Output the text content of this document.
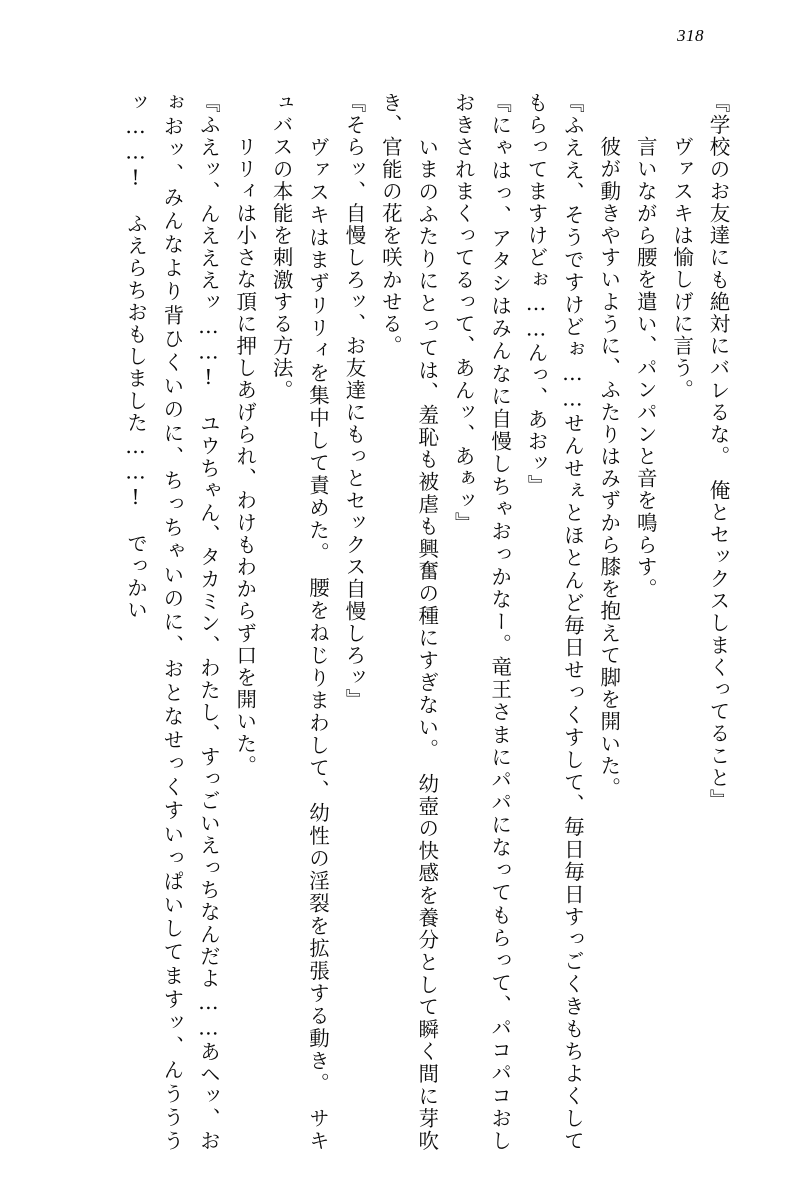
318

『学校のお友達にも絶対にバレるな。　俺とセックスしまくってること』

　ヴァスキは愉しげに言う。

　言いながら腰を遣い、パンパンと音を鳴らす。

　彼が動きやすいように、ふたりはみずから膝を抱えて脚を開いた。

『ふええ、そうですけどぉ……せんせぇとほとんど毎日せっくすして、毎日毎日すっごくきもちよくしてもらってますけどぉ……んっ、あおッ』

『にゃはっ、アタシはみんなに自慢しちゃおっかなー。竜王さまにパパになってもらって、パコパコおしおきされまくってるって、あんッ、あぁッ』

　いまのふたりにとっては、羞恥も被虐も興奮の種にすぎない。　幼壺の快感を養分として瞬く間に芽吹き、官能の花を咲かせる。

『そらッ、自慢しろッ、お友達にもっとセックス自慢しろッ』

　ヴァスキはまずリリィを集中して責めた。　腰をねじりまわして、幼性の淫裂を拡張する動き。　サキュバスの本能を刺激する方法。

　リリィは小さな頂に押しあげられ、わけもわからず口を開いた。

『ふえッ、んえええッ……!　ユウちゃん、タカミン、わたし、すっごいえっちなんだよ……あヘッ、おぉおッ、みんなより背ひくいのに、ちっちゃいのに、おとなせっくすいっぱいしてますッ、んうううッ……!　ふえらちおもしました……!　でっかい
